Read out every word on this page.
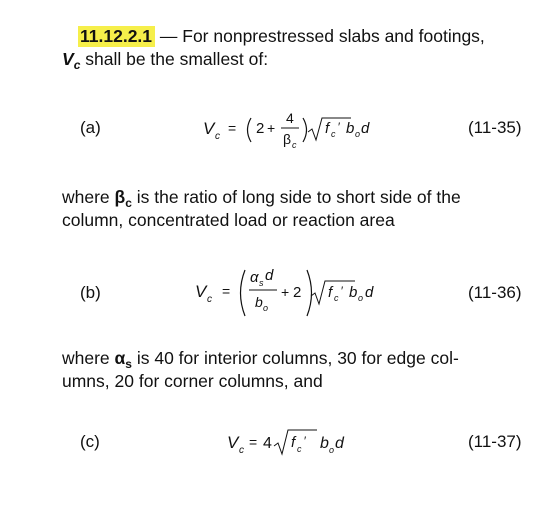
11.12.2.1 — For nonprestressed slabs and footings,
$V_c$ shall be the smallest of:
(a)	V c
= 2 +
4
β c
f c ′ b o d	(11-35)
where $\beta_c$ is the ratio of long side to short side of the
column, concentrated load or reaction area
(b)	V c
=
α s d
b o
+ 2 f c ′ b o d	(11-36)
where $\alpha_s$ is 40 for interior columns, 30 for edge col-
umns, 20 for corner columns, and
(c)	V c
= 4 f c
′ b o d	(11-37)
